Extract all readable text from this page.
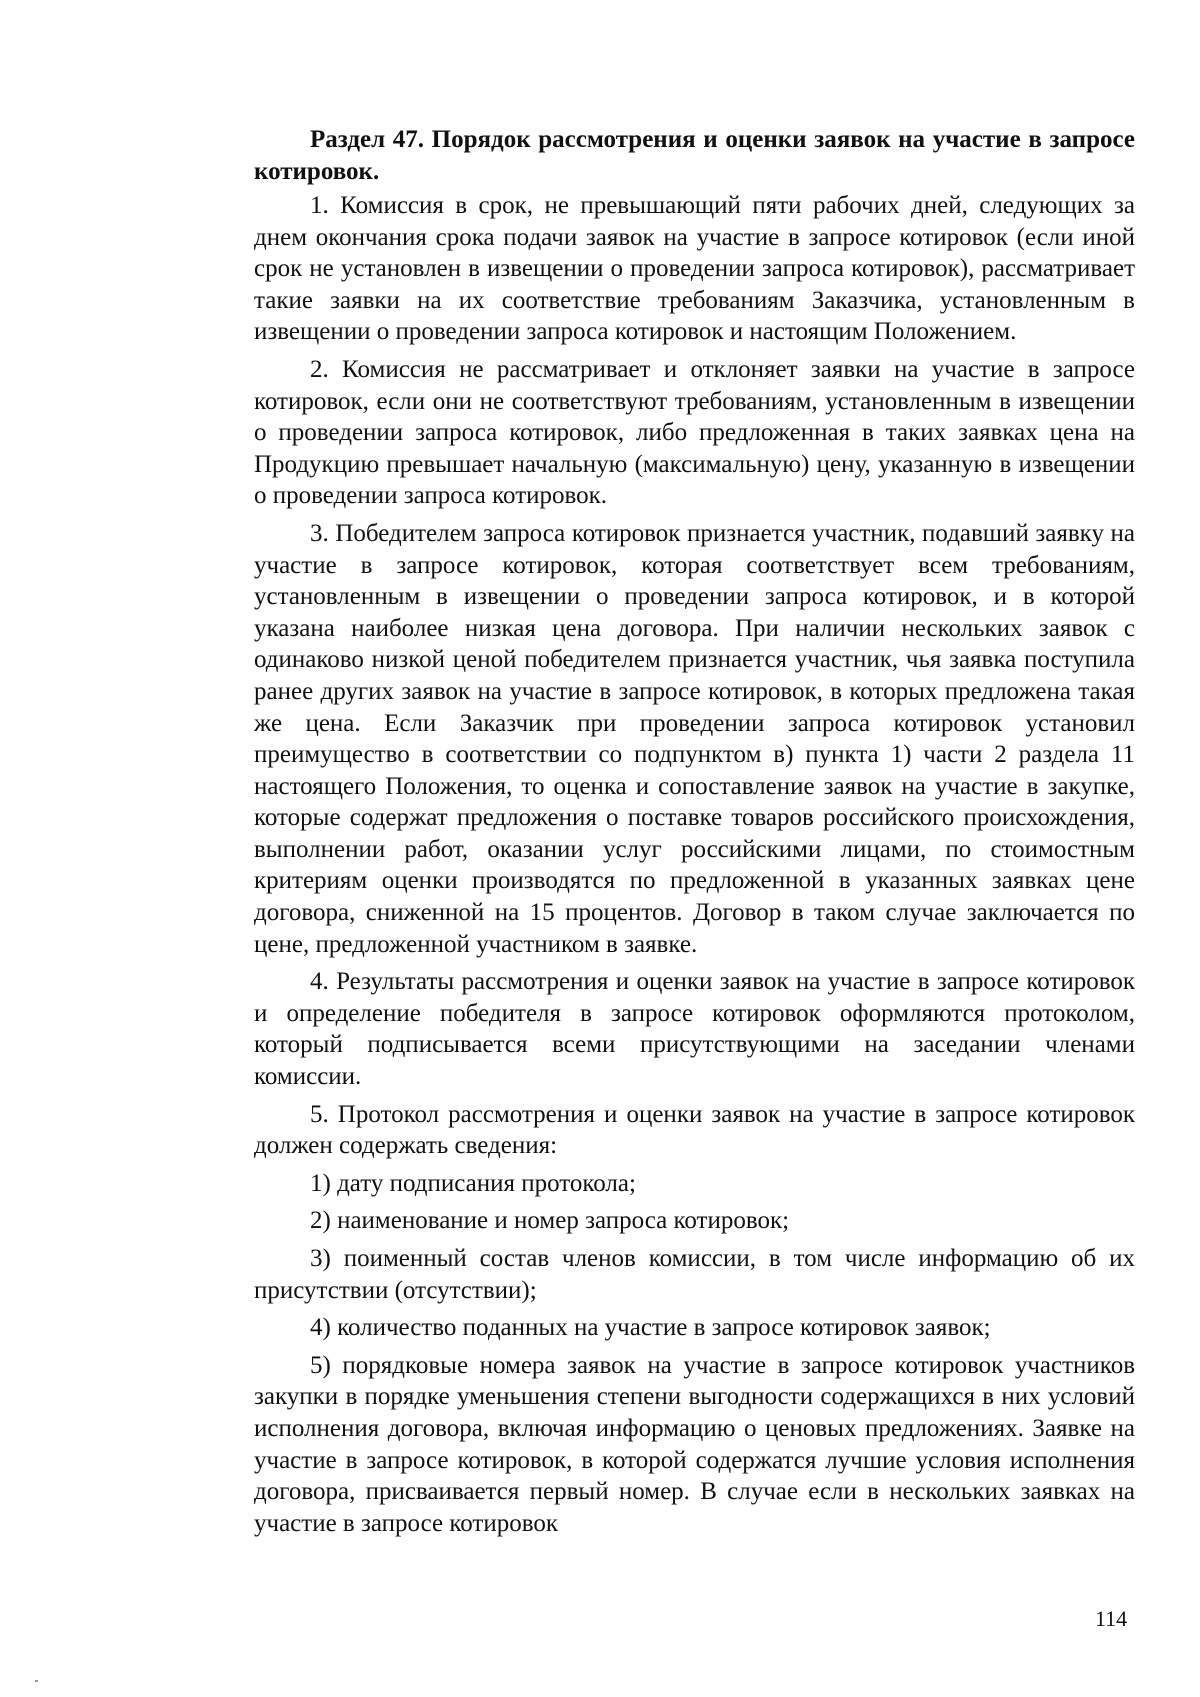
Раздел 47. Порядок рассмотрения и оценки заявок на участие в запросе котировок.

1. Комиссия в срок, не превышающий пяти рабочих дней, следующих за днем окончания срока подачи заявок на участие в запросе котировок (если иной срок не установлен в извещении о проведении запроса котировок), рассматривает такие заявки на их соответствие требованиям Заказчика, установленным в извещении о проведении запроса котировок и настоящим Положением.

2. Комиссия не рассматривает и отклоняет заявки на участие в запросе котировок, если они не соответствуют требованиям, установленным в извещении о проведении запроса котировок, либо предложенная в таких заявках цена на Продукцию превышает начальную (максимальную) цену, указанную в извещении о проведении запроса котировок.

3. Победителем запроса котировок признается участник, подавший заявку на участие в запросе котировок, которая соответствует всем требованиям, установленным в извещении о проведении запроса котировок, и в которой указана наиболее низкая цена договора. При наличии нескольких заявок с одинаково низкой ценой победителем признается участник, чья заявка поступила ранее других заявок на участие в запросе котировок, в которых предложена такая же цена. Если Заказчик при проведении запроса котировок установил преимущество в соответствии со подпунктом в) пункта 1) части 2 раздела 11 настоящего Положения, то оценка и сопоставление заявок на участие в закупке, которые содержат предложения о поставке товаров российского происхождения, выполнении работ, оказании услуг российскими лицами, по стоимостным критериям оценки производятся по предложенной в указанных заявках цене договора, сниженной на 15 процентов. Договор в таком случае заключается по цене, предложенной участником в заявке.

4. Результаты рассмотрения и оценки заявок на участие в запросе котировок и определение победителя в запросе котировок оформляются протоколом, который подписывается всеми присутствующими на заседании членами комиссии.

5. Протокол рассмотрения и оценки заявок на участие в запросе котировок должен содержать сведения:

1) дату подписания протокола;

2) наименование и номер запроса котировок;

3) поименный состав членов комиссии, в том числе информацию об их присутствии (отсутствии);

4) количество поданных на участие в запросе котировок заявок;

5) порядковые номера заявок на участие в запросе котировок участников закупки в порядке уменьшения степени выгодности содержащихся в них условий исполнения договора, включая информацию о ценовых предложениях. Заявке на участие в запросе котировок, в которой содержатся лучшие условия исполнения договора, присваивается первый номер. В случае если в нескольких заявках на участие в запросе котировок

114
